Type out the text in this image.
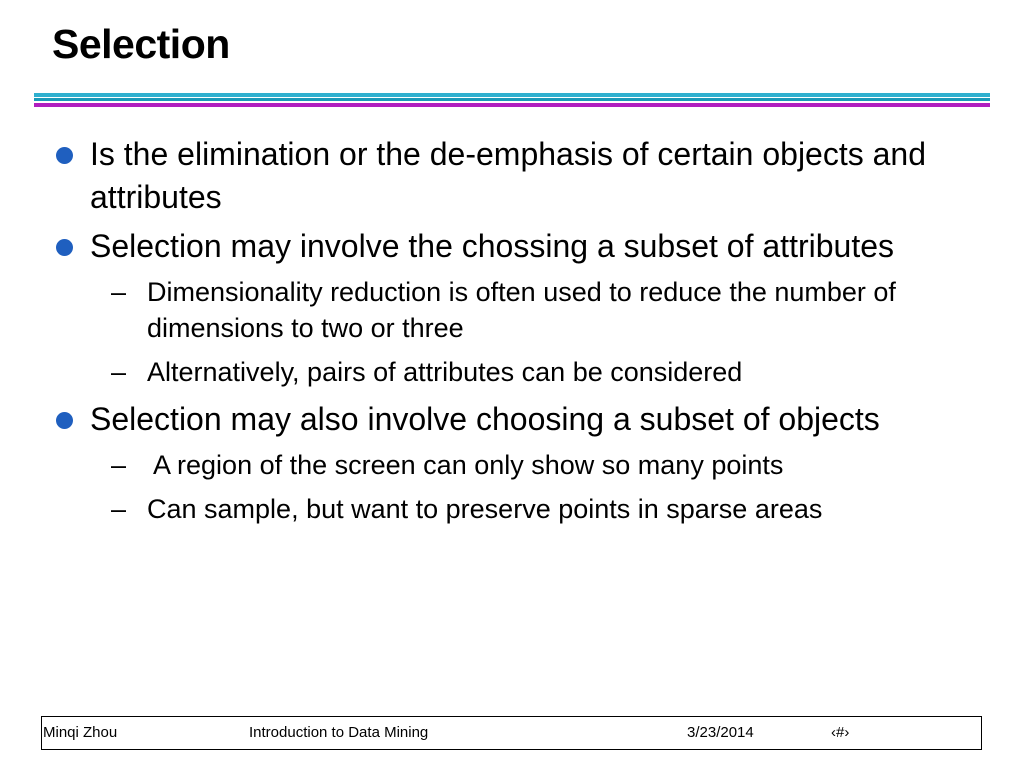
Selection
Is the elimination or the de-emphasis of certain objects and attributes
Selection may involve the chossing a subset of attributes
– Dimensionality reduction is often used to reduce the number of dimensions to two or three
– Alternatively, pairs of attributes can be considered
Selection may also involve choosing a subset of objects
– A region of the screen can only show so many points
– Can sample, but want to preserve points in sparse areas
Minqi Zhou	Introduction to Data Mining	3/23/2014	‹#›
